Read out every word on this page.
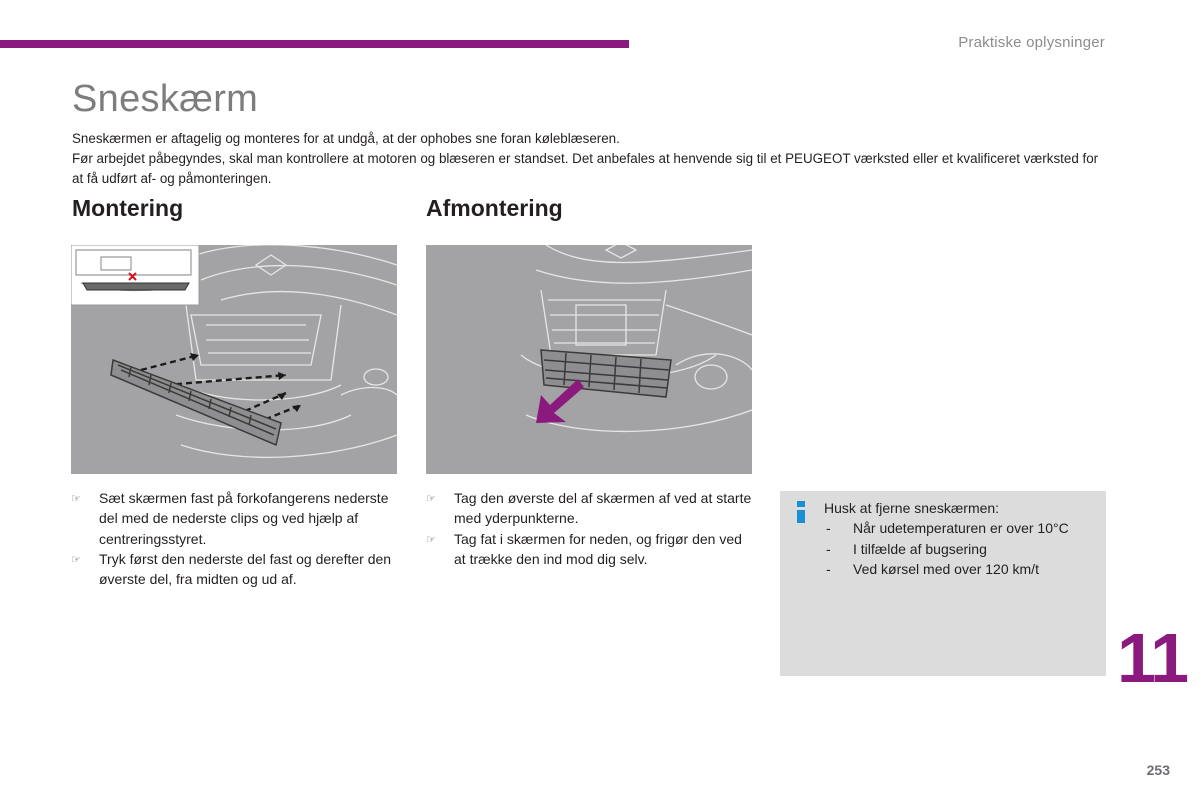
Praktiske oplysninger
Sneskærm

Sneskærmen er aftagelig og monteres for at undgå, at der ophobes sne foran køleblæseren.

Før arbejdet påbegyndes, skal man kontrollere at motoren og blæseren er standset. Det anbefales at henvende sig til et PEUGEOT værksted eller et kvalificeret værksted for at få udført af- og påmonteringen.

Montering	Afmontering
☞ Sæt skærmen fast på forkofangerens nederste del med de nederste clips og ved hjælp af centreringsstyret.
☞ Tryk først den nederste del fast og derefter den øverste del, fra midten og ud af.
☞ Tag den øverste del af skærmen af ved at starte med yderpunkterne.
☞ Tag fat i skærmen for neden, og frigør den ved at trække den ind mod dig selv.
Husk at fjerne sneskærmen:
- Når udetemperaturen er over 10°C
- I tilfælde af bugsering
- Ved kørsel med over 120 km/t
11
253
